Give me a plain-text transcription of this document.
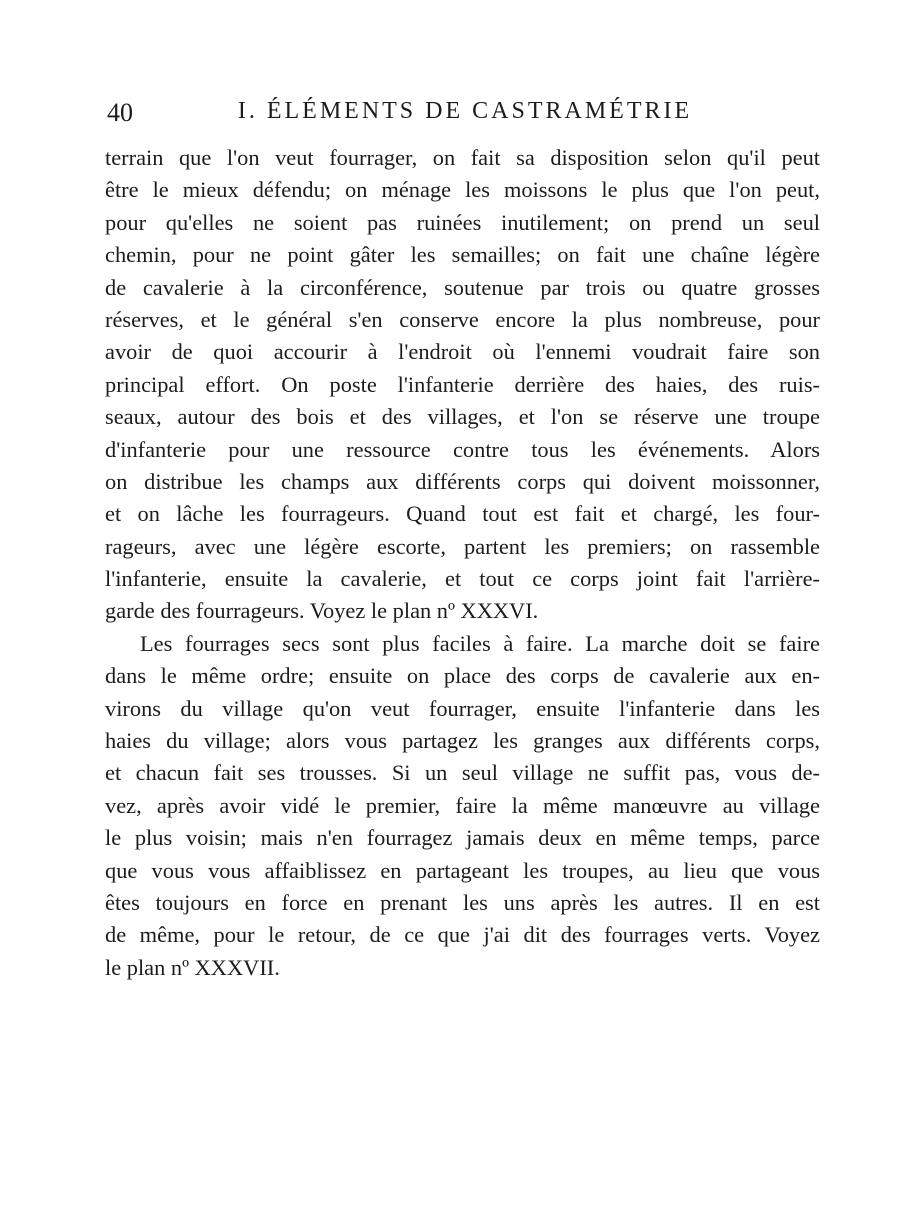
40	I. ÉLÉMENTS DE CASTRAMÉTRIE
terrain que l'on veut fourrager, on fait sa disposition selon qu'il peut
être le mieux défendu; on ménage les moissons le plus que l'on peut,
pour qu'elles ne soient pas ruinées inutilement; on prend un seul
chemin, pour ne point gâter les semailles; on fait une chaîne légère
de cavalerie à la circonférence, soutenue par trois ou quatre grosses
réserves, et le général s'en conserve encore la plus nombreuse, pour
avoir de quoi accourir à l'endroit où l'ennemi voudrait faire son
principal effort. On poste l'infanterie derrière des haies, des ruis-
seaux, autour des bois et des villages, et l'on se réserve une troupe
d'infanterie pour une ressource contre tous les événements. Alors
on distribue les champs aux différents corps qui doivent moissonner,
et on lâche les fourrageurs. Quand tout est fait et chargé, les four-
rageurs, avec une légère escorte, partent les premiers; on rassemble
l'infanterie, ensuite la cavalerie, et tout ce corps joint fait l'arrière-
garde des fourrageurs. Voyez le plan nº XXXVI.
Les fourrages secs sont plus faciles à faire. La marche doit se faire
dans le même ordre; ensuite on place des corps de cavalerie aux en-
virons du village qu'on veut fourrager, ensuite l'infanterie dans les
haies du village; alors vous partagez les granges aux différents corps,
et chacun fait ses trousses. Si un seul village ne suffit pas, vous de-
vez, après avoir vidé le premier, faire la même manœuvre au village
le plus voisin; mais n'en fourragez jamais deux en même temps, parce
que vous vous affaiblissez en partageant les troupes, au lieu que vous
êtes toujours en force en prenant les uns après les autres. Il en est
de même, pour le retour, de ce que j'ai dit des fourrages verts. Voyez
le plan nº XXXVII.
